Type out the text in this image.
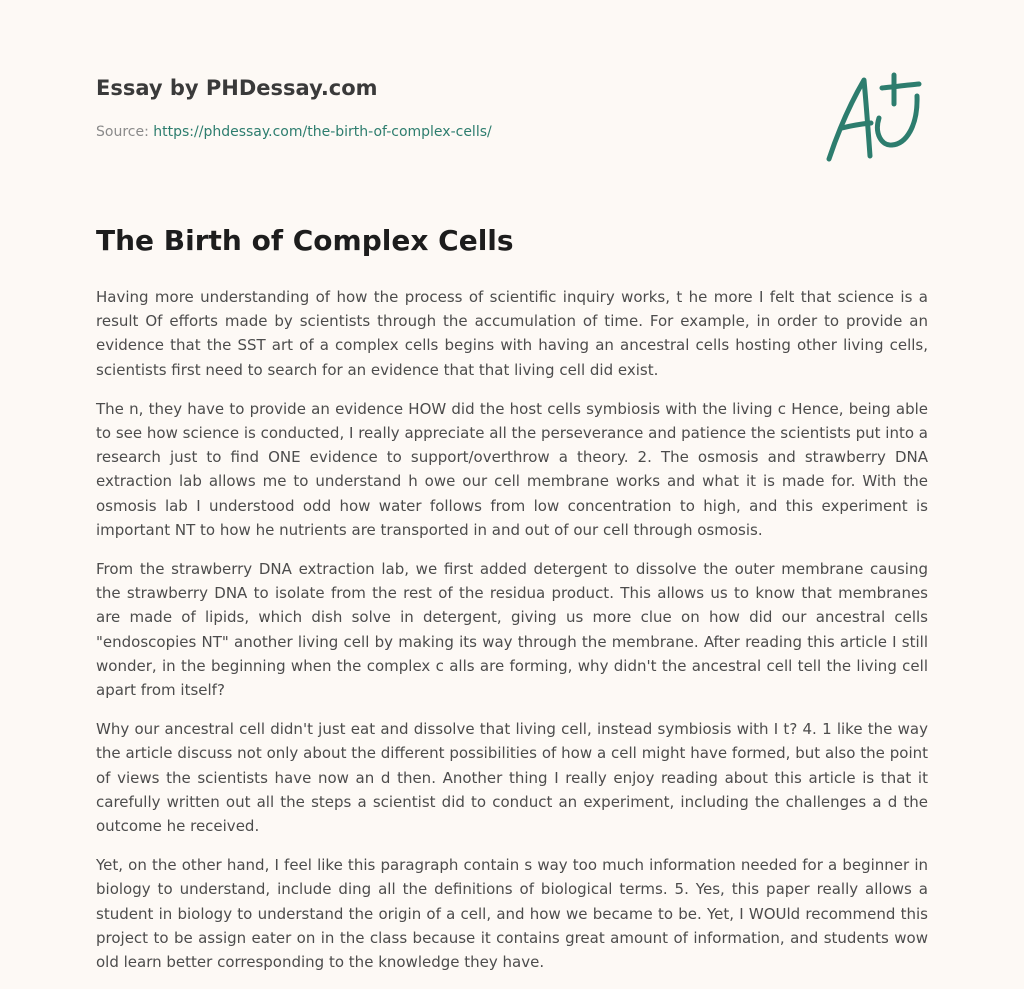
Essay by PHDessay.com
Source: https://phdessay.com/the-birth-of-complex-cells/
The Birth of Complex Cells

Having more understanding of how the process of scientific inquiry works, t he more I felt that science is a result Of efforts made by scientists through the accumulation of time. For example, in order to provide an evidence that the SST art of a complex cells begins with having an ancestral cells hosting other living cells, scientists first need to search for an evidence that that living cell did exist.

The n, they have to provide an evidence HOW did the host cells symbiosis with the living c Hence, being able to see how science is conducted, I really appreciate all the perseverance and patience the scientists put into a research just to find ONE evidence to support/overthrow a theory. 2. The osmosis and strawberry DNA extraction lab allows me to understand h owe our cell membrane works and what it is made for. With the osmosis lab I understood odd how water follows from low concentration to high, and this experiment is important NT to how he nutrients are transported in and out of our cell through osmosis.

From the strawberry DNA extraction lab, we first added detergent to dissolve the outer membrane causing the strawberry DNA to isolate from the rest of the residua product. This allows us to know that membranes are made of lipids, which dish solve in detergent, giving us more clue on how did our ancestral cells "endoscopies NT" another living cell by making its way through the membrane. After reading this article I still wonder, in the beginning when the complex c alls are forming, why didn't the ancestral cell tell the living cell apart from itself?

Why our ancestral cell didn't just eat and dissolve that living cell, instead symbiosis with I t? 4. 1 like the way the article discuss not only about the different possibilities of how a cell might have formed, but also the point of views the scientists have now an d then. Another thing I really enjoy reading about this article is that it carefully written out all the steps a scientist did to conduct an experiment, including the challenges a d the outcome he received.

Yet, on the other hand, I feel like this paragraph contain s way too much information needed for a beginner in biology to understand, include ding all the definitions of biological terms. 5. Yes, this paper really allows a student in biology to understand the origin of a cell, and how we became to be. Yet, I WOUld recommend this project to be assign eater on in the class because it contains great amount of information, and students wow old learn better corresponding to the knowledge they have.
